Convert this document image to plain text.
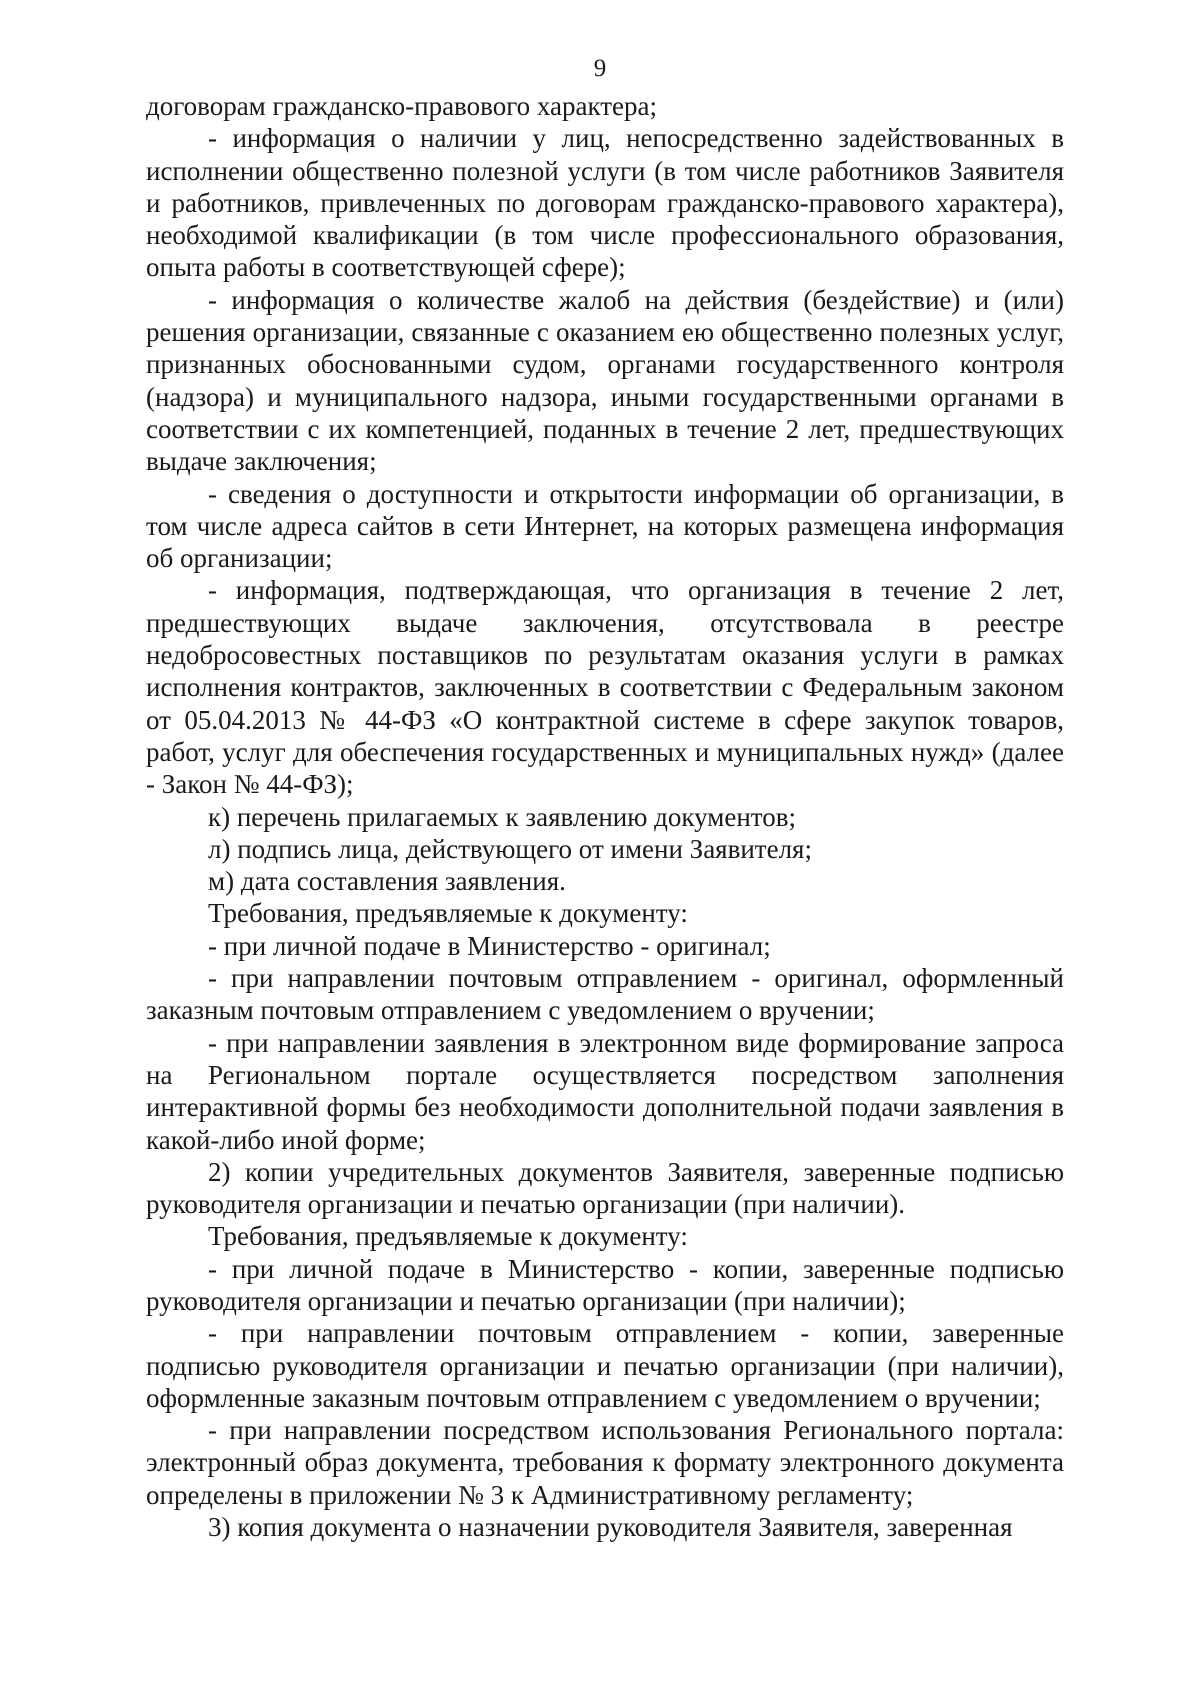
9

договорам гражданско-правового характера;

- информация о наличии у лиц, непосредственно задействованных в исполнении общественно полезной услуги (в том числе работников Заявителя и работников, привлеченных по договорам гражданско-правового характера), необходимой квалификации (в том числе профессионального образования, опыта работы в соответствующей сфере);

- информация о количестве жалоб на действия (бездействие) и (или) решения организации, связанные с оказанием ею общественно полезных услуг, признанных обоснованными судом, органами государственного контроля (надзора) и муниципального надзора, иными государственными органами в соответствии с их компетенцией, поданных в течение 2 лет, предшествующих выдаче заключения;

- сведения о доступности и открытости информации об организации, в том числе адреса сайтов в сети Интернет, на которых размещена информация об организации;

- информация, подтверждающая, что организация в течение 2 лет, предшествующих выдаче заключения, отсутствовала в реестре недобросовестных поставщиков по результатам оказания услуги в рамках исполнения контрактов, заключенных в соответствии с Федеральным законом от 05.04.2013 № 44-ФЗ «О контрактной системе в сфере закупок товаров, работ, услуг для обеспечения государственных и муниципальных нужд» (далее - Закон № 44-ФЗ);

к) перечень прилагаемых к заявлению документов;

л) подпись лица, действующего от имени Заявителя;

м) дата составления заявления.

Требования, предъявляемые к документу:

- при личной подаче в Министерство - оригинал;

- при направлении почтовым отправлением - оригинал, оформленный заказным почтовым отправлением с уведомлением о вручении;

- при направлении заявления в электронном виде формирование запроса на Региональном портале осуществляется посредством заполнения интерактивной формы без необходимости дополнительной подачи заявления в какой-либо иной форме;

2) копии учредительных документов Заявителя, заверенные подписью руководителя организации и печатью организации (при наличии).

Требования, предъявляемые к документу:

- при личной подаче в Министерство - копии, заверенные подписью руководителя организации и печатью организации (при наличии);

- при направлении почтовым отправлением - копии, заверенные подписью руководителя организации и печатью организации (при наличии), оформленные заказным почтовым отправлением с уведомлением о вручении;

- при направлении посредством использования Регионального портала: электронный образ документа, требования к формату электронного документа определены в приложении № 3 к Административному регламенту;

3) копия документа о назначении руководителя Заявителя, заверенная
